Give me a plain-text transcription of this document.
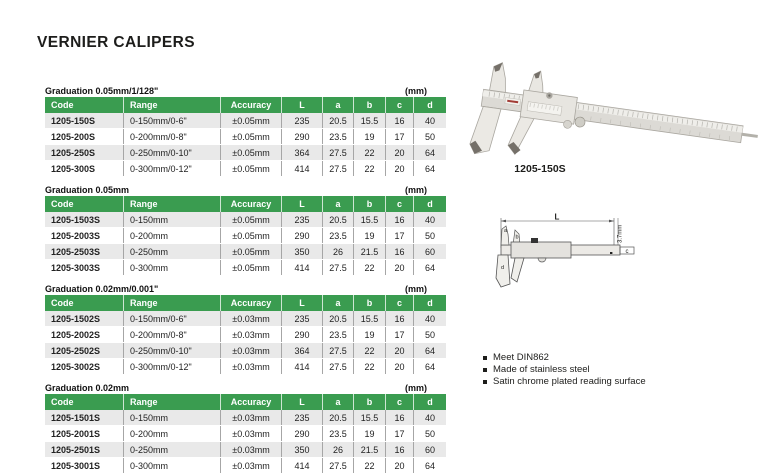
VERNIER CALIPERS
Graduation 0.05mm/1/128"	(mm)
Code	Range	Accuracy	L	a	b	c	d
1205-150S	0-150mm/0-6"	±0.05mm	235	20.5	15.5	16	40
1205-200S	0-200mm/0-8"	±0.05mm	290	23.5	19	17	50
1205-250S	0-250mm/0-10"	±0.05mm	364	27.5	22	20	64
1205-300S	0-300mm/0-12"	±0.05mm	414	27.5	22	20	64
Graduation 0.05mm	(mm)
Code	Range	Accuracy	L	a	b	c	d
1205-1503S	0-150mm	±0.05mm	235	20.5	15.5	16	40
1205-2003S	0-200mm	±0.05mm	290	23.5	19	17	50
1205-2503S	0-250mm	±0.05mm	350	26	21.5	16	60
1205-3003S	0-300mm	±0.05mm	414	27.5	22	20	64
Graduation 0.02mm/0.001"	(mm)
Code	Range	Accuracy	L	a	b	c	d
1205-1502S	0-150mm/0-6"	±0.03mm	235	20.5	15.5	16	40
1205-2002S	0-200mm/0-8"	±0.03mm	290	23.5	19	17	50
1205-2502S	0-250mm/0-10"	±0.03mm	364	27.5	22	20	64
1205-3002S	0-300mm/0-12"	±0.03mm	414	27.5	22	20	64
Graduation 0.02mm	(mm)
Code	Range	Accuracy	L	a	b	c	d
1205-1501S	0-150mm	±0.03mm	235	20.5	15.5	16	40
1205-2001S	0-200mm	±0.03mm	290	23.5	19	17	50
1205-2501S	0-250mm	±0.03mm	350	26	21.5	16	60
1205-3001S	0-300mm	±0.03mm	414	27.5	22	20	64
1205-150S
L
3.7mm
c
a
b
d
Meet DIN862
Made of stainless steel
Satin chrome plated reading surface
